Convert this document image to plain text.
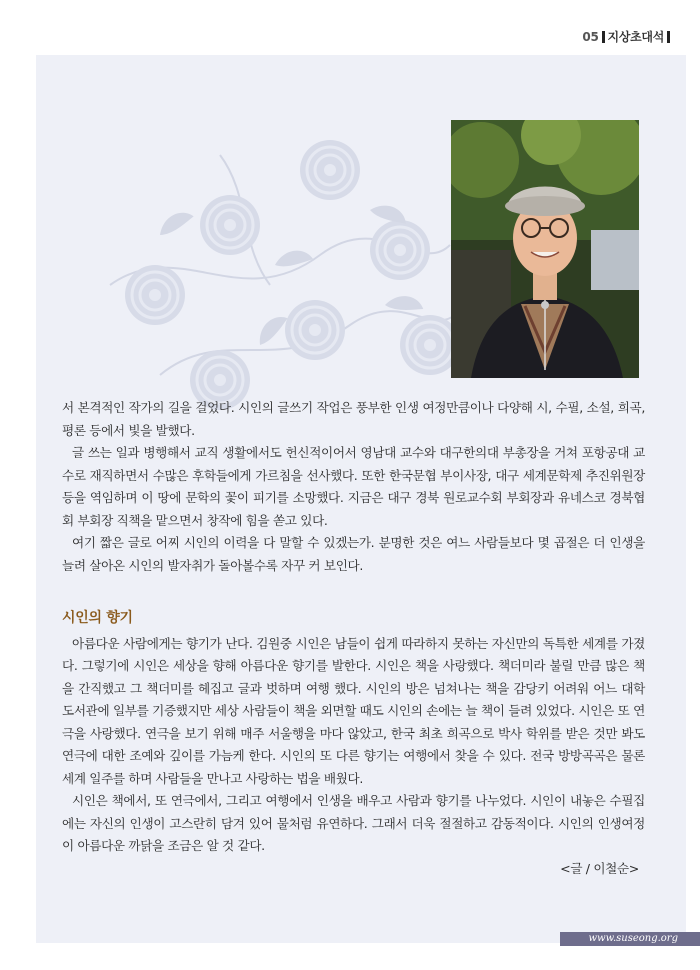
05 지상초대석

서 본격적인 작가의 길을 걸었다. 시인의 글쓰기 작업은 풍부한 인생 여정만큼이나 다양해 시, 수필, 소설, 희곡, 평론 등에서 빛을 발했다.

글 쓰는 일과 병행해서 교직 생활에서도 헌신적이어서 영남대 교수와 대구한의대 부총장을 거쳐 포항공대 교수로 재직하면서 수많은 후학들에게 가르침을 선사했다. 또한 한국문협 부이사장, 대구 세계문학제 추진위원장 등을 역임하며 이 땅에 문학의 꽃이 피기를 소망했다. 지금은 대구 경북 원로교수회 부회장과 유네스코 경북협회 부회장 직책을 맡으면서 창작에 힘을 쏟고 있다.

여기 짧은 글로 어찌 시인의 이력을 다 말할 수 있겠는가. 분명한 것은 여느 사람들보다 몇 곱절은 더 인생을 늘려 살아온 시인의 발자취가 돌아볼수록 자꾸 커 보인다.

시인의 향기

아름다운 사람에게는 향기가 난다. 김원중 시인은 남들이 쉽게 따라하지 못하는 자신만의 독특한 세계를 가졌다. 그렇기에 시인은 세상을 향해 아름다운 향기를 발한다. 시인은 책을 사랑했다. 책더미라 불릴 만큼 많은 책을 간직했고 그 책더미를 헤집고 글과 벗하며 여행 했다. 시인의 방은 넘쳐나는 책을 감당키 어려워 어느 대학 도서관에 일부를 기증했지만 세상 사람들이 책을 외면할 때도 시인의 손에는 늘 책이 들려 있었다. 시인은 또 연극을 사랑했다. 연극을 보기 위해 매주 서울행을 마다 않았고, 한국 최초 희곡으로 박사 학위를 받은 것만 봐도 연극에 대한 조예와 깊이를 가늠케 한다. 시인의 또 다른 향기는 여행에서 찾을 수 있다. 전국 방방곡곡은 물론 세계 일주를 하며 사람들을 만나고 사랑하는 법을 배웠다.

시인은 책에서, 또 연극에서, 그리고 여행에서 인생을 배우고 사람과 향기를 나누었다. 시인이 내놓은 수필집에는 자신의 인생이 고스란히 담겨 있어 물처럼 유연하다. 그래서 더욱 절절하고 감동적이다. 시인의 인생여정이 아름다운 까닭을 조금은 알 것 같다.

<글 / 이철순>

www.suseong.org
